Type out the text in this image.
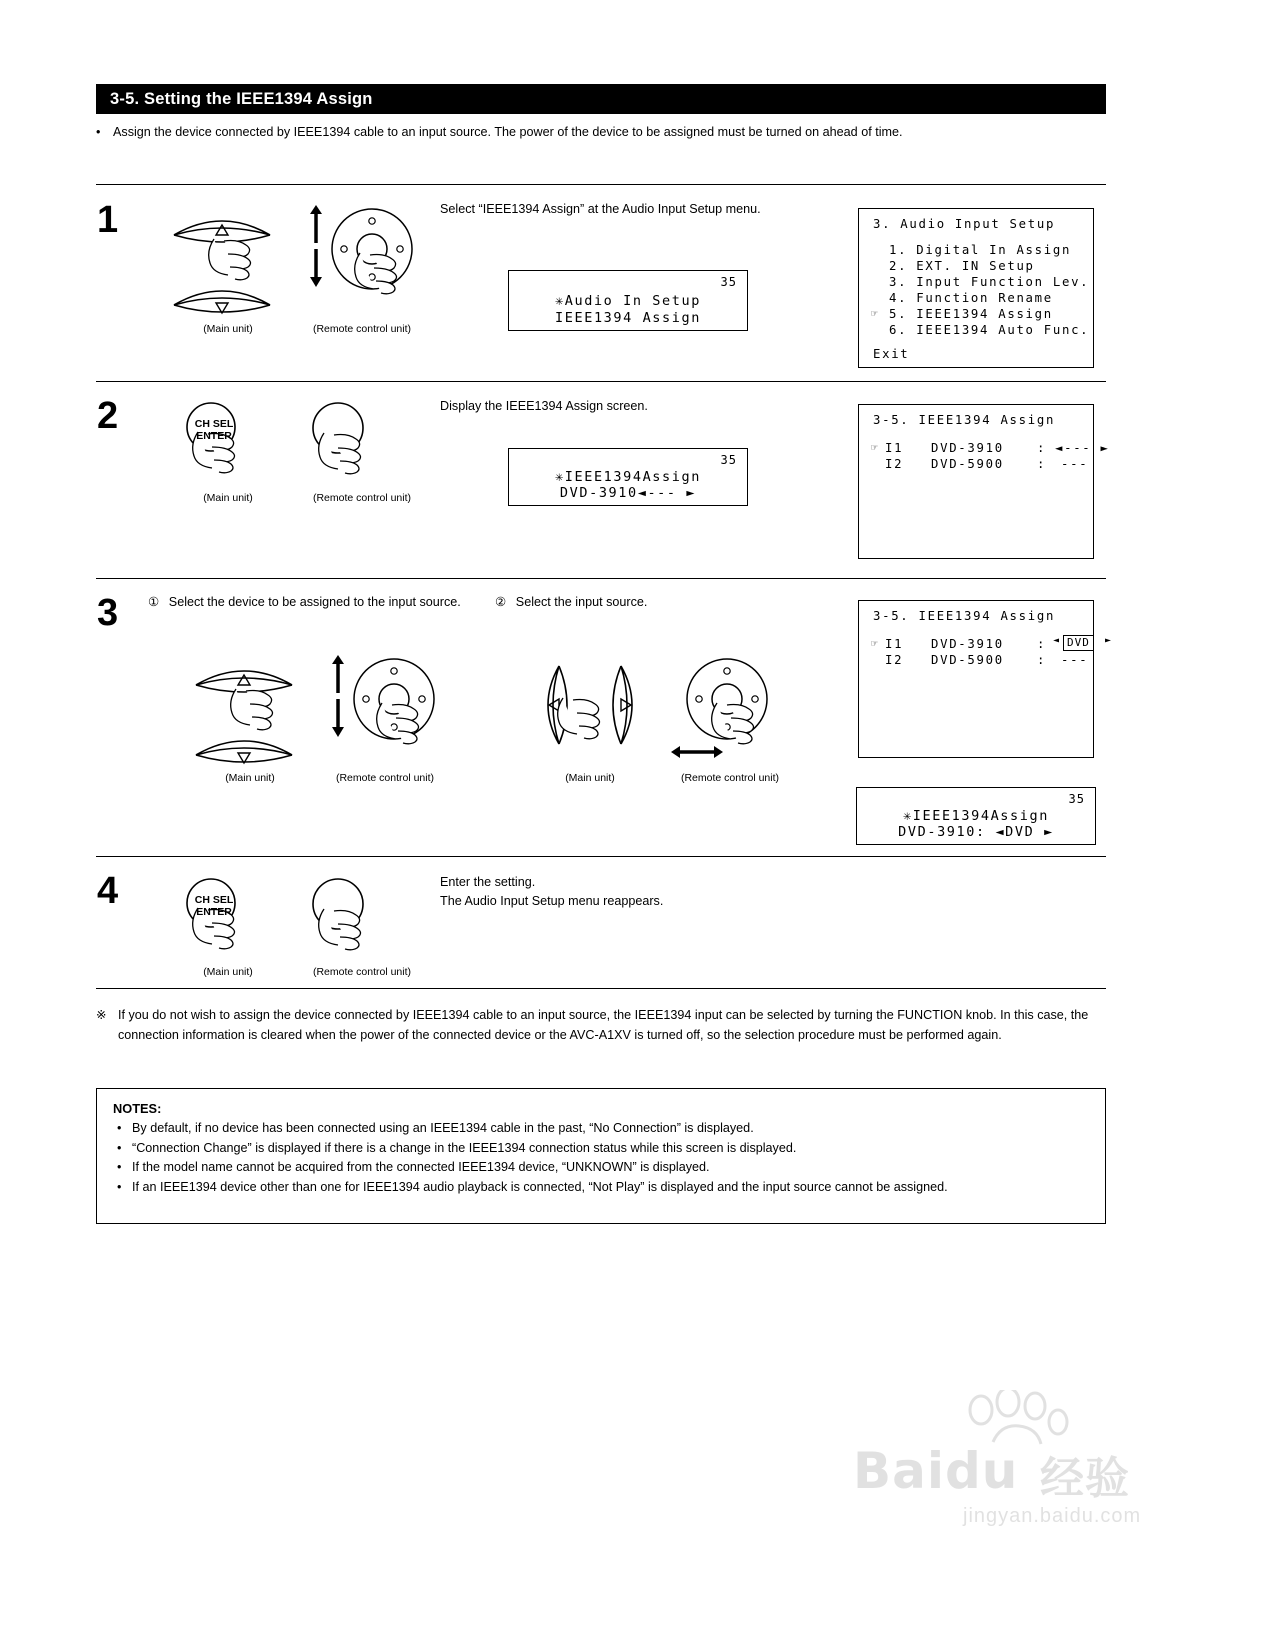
3-5. Setting the IEEE1394 Assign
• Assign the device connected by IEEE1394 cable to an input source. The power of the device to be assigned must be turned on ahead of time.
1
(Main unit)	(Remote control unit)
Select “IEEE1394 Assign” at the Audio Input Setup menu.
35
✳Audio In Setup
IEEE1394 Assign
3. Audio Input Setup
1. Digital In Assign
2. EXT. IN Setup
3. Input Function Lev.
4. Function Rename
5. IEEE1394 Assign
6. IEEE1394 Auto Func.
☞
Exit
2	CH SEL
ENTER
(Main unit)	(Remote control unit)
Display the IEEE1394 Assign screen.
35
✳IEEE1394Assign
DVD-3910◄--- ►
3-5. IEEE1394 Assign
☞ I1 DVD-3910	: ◄--- ►
I2 DVD-5900	: ---
3 ① Select the device to be assigned to the input source.	② Select the input source.
(Main unit)	(Remote control unit)	(Main unit)	(Remote control unit)
3-5. IEEE1394 Assign
☞ I1 DVD-3910	: ◄ DVD	►
I2 DVD-5900	: ---
35
✳IEEE1394Assign
DVD-3910: ◄DVD ►
4	CH SEL
ENTER
(Main unit)	(Remote control unit)
Enter the setting.
The Audio Input Setup menu reappears.
※ If you do not wish to assign the device connected by IEEE1394 cable to an input source, the IEEE1394 input can be selected by turning the FUNCTION knob. In this case, the connection information is cleared when the power of the connected device or the AVC-A1XV is turned off, so the selection procedure must be performed again.
NOTES:
• By default, if no device has been connected using an IEEE1394 cable in the past, “No Connection” is displayed.
• “Connection Change” is displayed if there is a change in the IEEE1394 connection status while this screen is displayed.
• If the model name cannot be acquired from the connected IEEE1394 device, “UNKNOWN” is displayed.
• If an IEEE1394 device other than one for IEEE1394 audio playback is connected, “Not Play” is displayed and the input source cannot be assigned.
Baidu 经验
jingyan.baidu.com
